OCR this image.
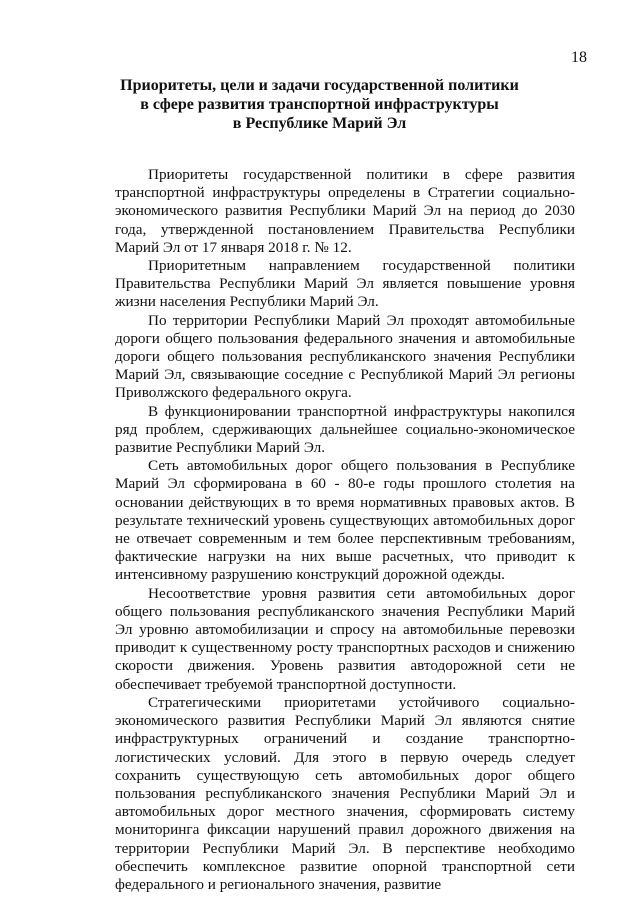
18
Приоритеты, цели и задачи государственной политики
в сфере развития транспортной инфраструктуры
в Республике Марий Эл

Приоритеты государственной политики в сфере развития транспортной инфраструктуры определены в Стратегии социально-экономического развития Республики Марий Эл на период до 2030 года, утвержденной постановлением Правительства Республики Марий Эл от 17 января 2018 г. № 12.

Приоритетным направлением государственной политики Правительства Республики Марий Эл является повышение уровня жизни населения Республики Марий Эл.

По территории Республики Марий Эл проходят автомобильные дороги общего пользования федерального значения и автомобильные дороги общего пользования республиканского значения Республики Марий Эл, связывающие соседние с Республикой Марий Эл регионы Приволжского федерального округа.

В функционировании транспортной инфраструктуры накопился ряд проблем, сдерживающих дальнейшее социально-экономическое развитие Республики Марий Эл.

Сеть автомобильных дорог общего пользования в Республике Марий Эл сформирована в 60 - 80-е годы прошлого столетия на основании действующих в то время нормативных правовых актов. В результате технический уровень существующих автомобильных дорог не отвечает современным и тем более перспективным требованиям, фактические нагрузки на них выше расчетных, что приводит к интенсивному разрушению конструкций дорожной одежды.

Несоответствие уровня развития сети автомобильных дорог общего пользования республиканского значения Республики Марий Эл уровню автомобилизации и спросу на автомобильные перевозки приводит к существенному росту транспортных расходов и снижению скорости движения. Уровень развития автодорожной сети не обеспечивает требуемой транспортной доступности.

Стратегическими приоритетами устойчивого социально-экономического развития Республики Марий Эл являются снятие инфраструктурных ограничений и создание транспортно-логистических условий. Для этого в первую очередь следует сохранить существующую сеть автомобильных дорог общего пользования республиканского значения Республики Марий Эл и автомобильных дорог местного значения, сформировать систему мониторинга фиксации нарушений правил дорожного движения на территории Республики Марий Эл. В перспективе необходимо обеспечить комплексное развитие опорной транспортной сети федерального и регионального значения, развитие
